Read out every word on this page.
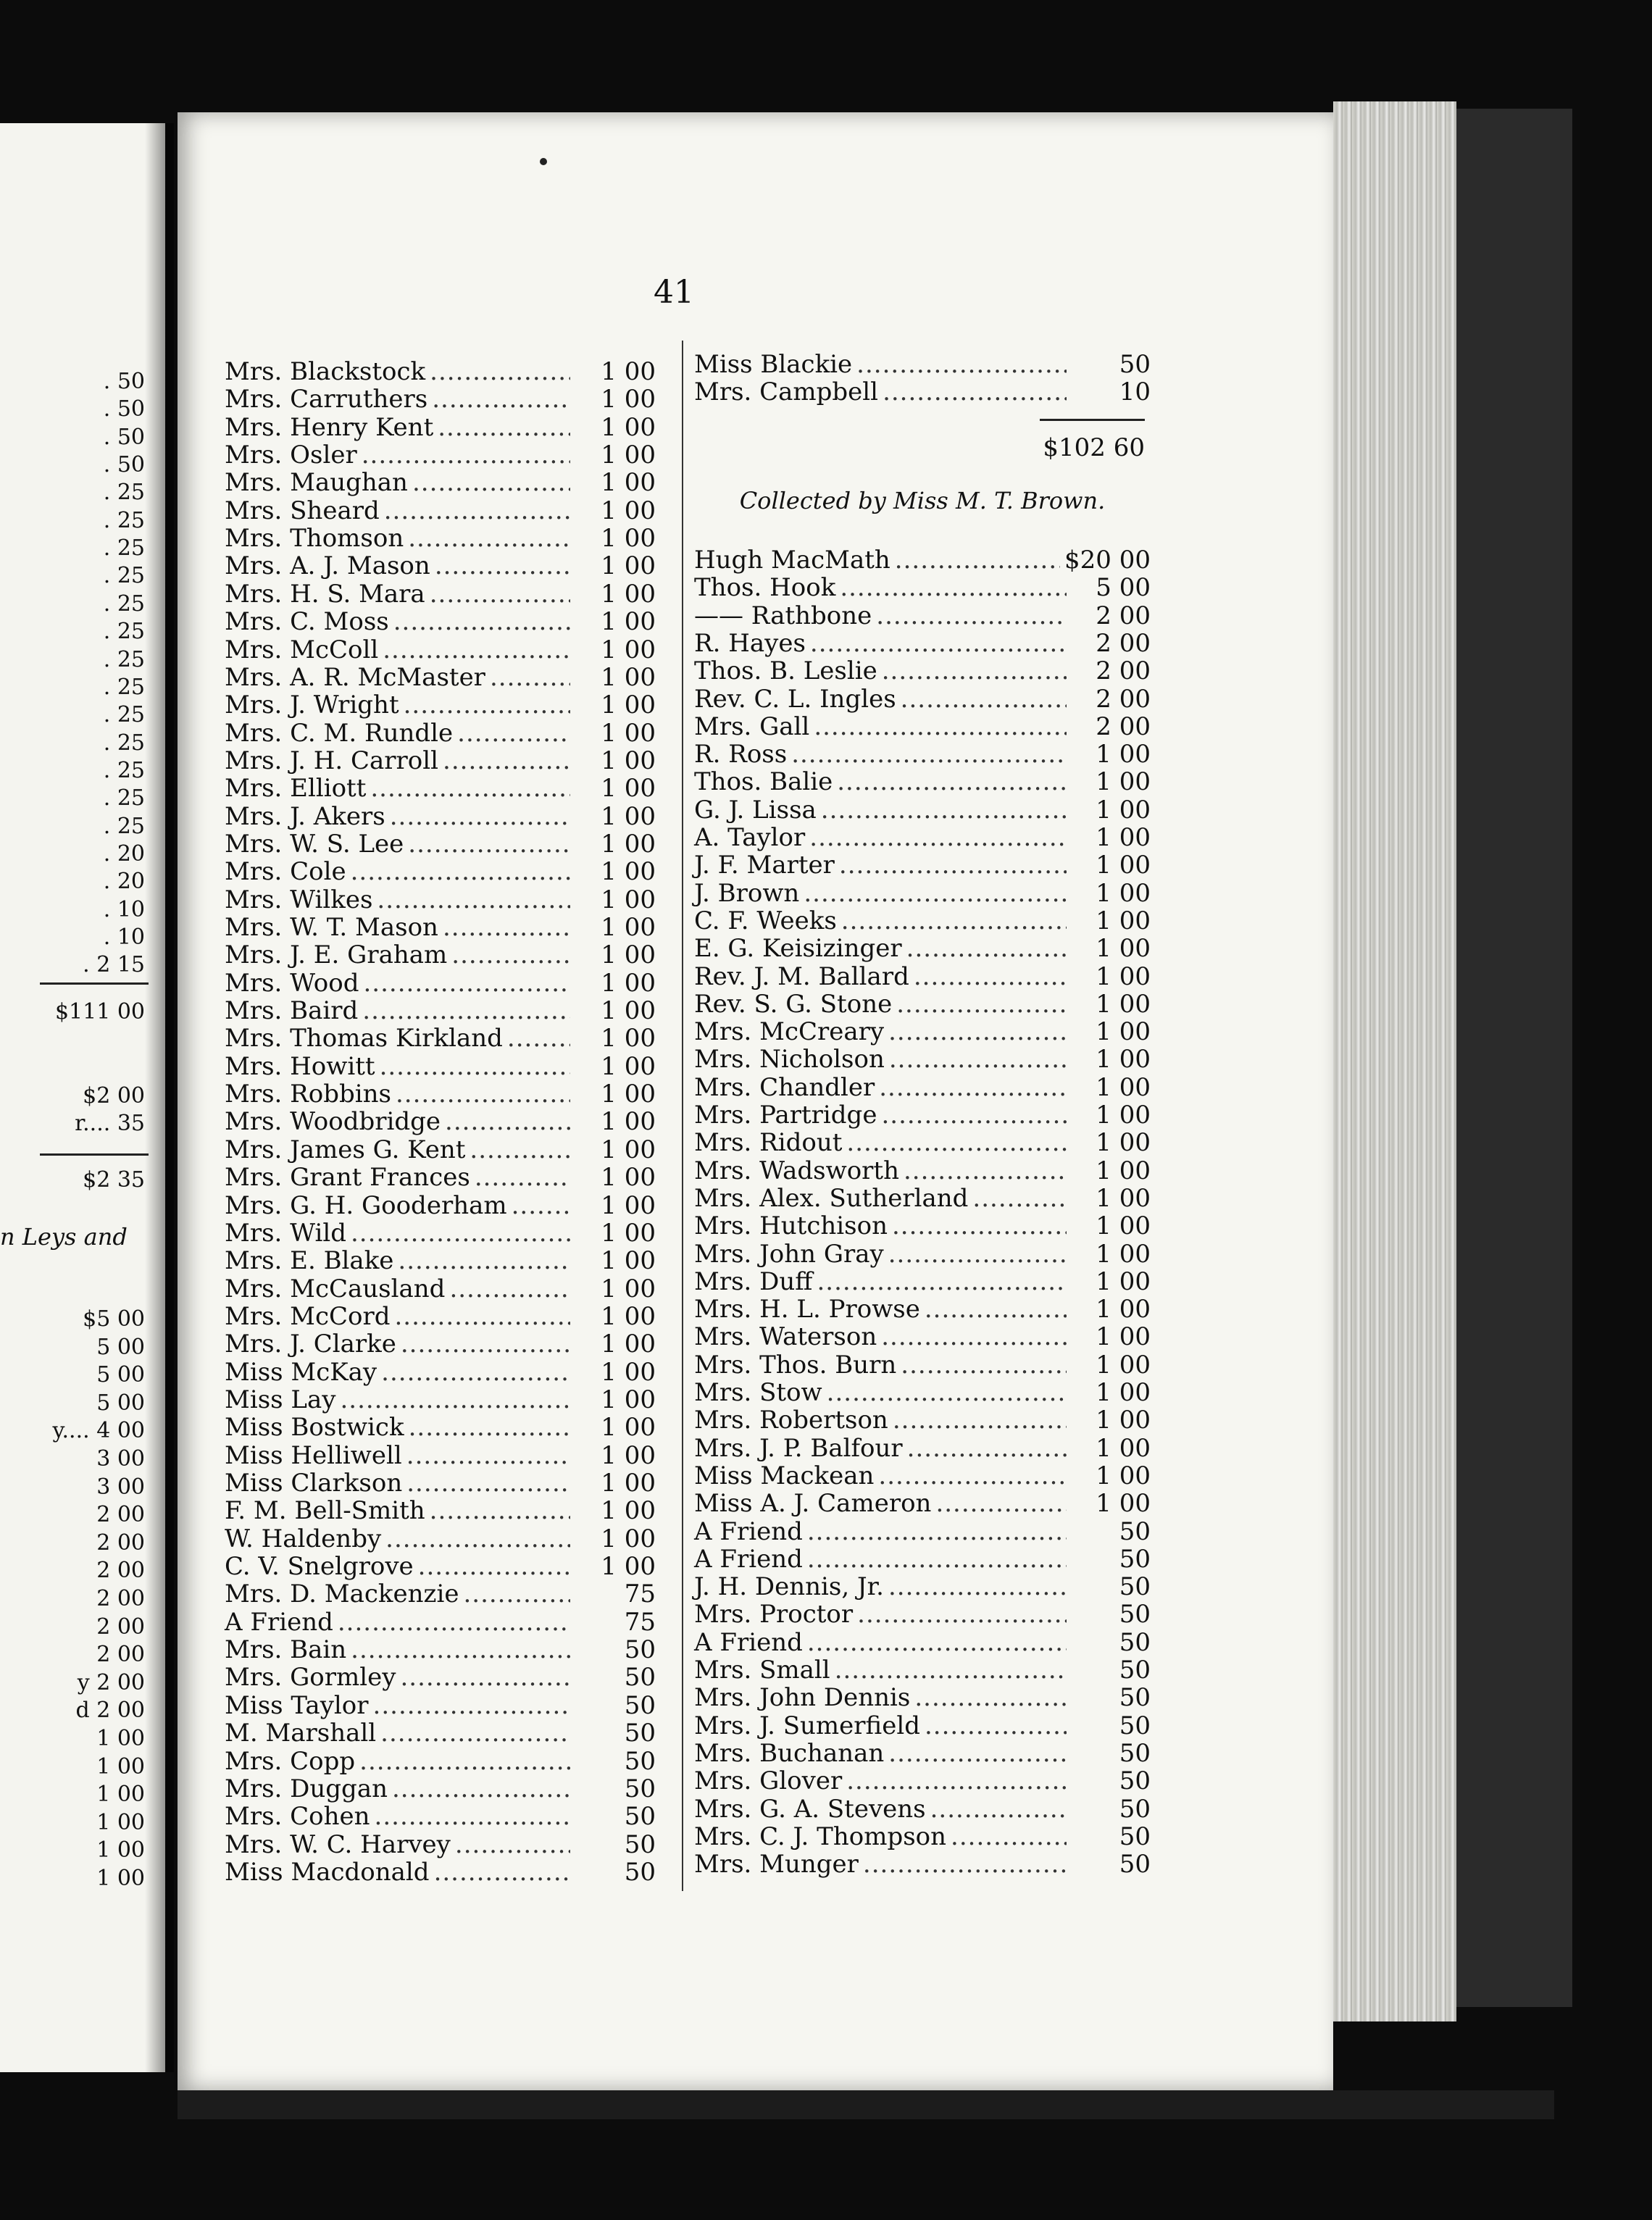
41
Mrs. Blackstock .....	1 00
Mrs. Carruthers .....	1 00
Mrs. Henry Kent .....	1 00
Mrs. Osler .....	1 00
Mrs. Maughan .....	1 00
Mrs. Sheard .....	1 00
Mrs. Thomson .....	1 00
Mrs. A. J. Mason .....	1 00
Mrs. H. S. Mara .....	1 00
Mrs. C. Moss .....	1 00
Mrs. McColl .....	1 00
Mrs. A. R. McMaster .....	1 00
Mrs. J. Wright .....	1 00
Mrs. C. M. Rundle .....	1 00
Mrs. J. H. Carroll .....	1 00
Mrs. Elliott .....	1 00
Mrs. J. Akers .....	1 00
Mrs. W. S. Lee .....	1 00
Mrs. Cole .....	1 00
Mrs. Wilkes .....	1 00
Mrs. W. T. Mason .....	1 00
Mrs. J. E. Graham .....	1 00
Mrs. Wood .....	1 00
Mrs. Baird .....	1 00
Mrs. Thomas Kirkland .....	1 00
Mrs. Howitt .....	1 00
Mrs. Robbins .....	1 00
Mrs. Woodbridge .....	1 00
Mrs. James G. Kent .....	1 00
Mrs. Grant Frances .....	1 00
Mrs. G. H. Gooderham .....	1 00
Mrs. Wild .....	1 00
Mrs. E. Blake .....	1 00
Mrs. McCausland .....	1 00
Mrs. McCord .....	1 00
Mrs. J. Clarke .....	1 00
Miss McKay .....	1 00
Miss Lay .....	1 00
Miss Bostwick .....	1 00
Miss Helliwell .....	1 00
Miss Clarkson .....	1 00
F. M. Bell-Smith .....	1 00
W. Haldenby .....	1 00
C. V. Snelgrove .....	1 00
Mrs. D. Mackenzie .....	75
A Friend .....	75
Mrs. Bain .....	50
Mrs. Gormley .....	50
Miss Taylor .....	50
M. Marshall .....	50
Mrs. Copp .....	50
Mrs. Duggan .....	50
Mrs. Cohen .....	50
Mrs. W. C. Harvey .....	50
Miss Macdonald .....	50
Miss Blackie .....	50
Mrs. Campbell .....	10
$102 60
Collected by Miss M. T. Brown.
Hugh MacMath .....	$20 00
Thos. Hook .....	5 00
—— Rathbone .....	2 00
R. Hayes .....	2 00
Thos. B. Leslie .....	2 00
Rev. C. L. Ingles .....	2 00
Mrs. Gall .....	2 00
R. Ross .....	1 00
Thos. Balie .....	1 00
G. J. Lissa .....	1 00
A. Taylor .....	1 00
J. F. Marter .....	1 00
J. Brown .....	1 00
C. F. Weeks .....	1 00
E. G. Keisizinger .....	1 00
Rev. J. M. Ballard .....	1 00
Rev. S. G. Stone .....	1 00
Mrs. McCreary .....	1 00
Mrs. Nicholson .....	1 00
Mrs. Chandler .....	1 00
Mrs. Partridge .....	1 00
Mrs. Ridout .....	1 00
Mrs. Wadsworth .....	1 00
Mrs. Alex. Sutherland .....	1 00
Mrs. Hutchison .....	1 00
Mrs. John Gray .....	1 00
Mrs. Duff .....	1 00
Mrs. H. L. Prowse .....	1 00
Mrs. Waterson .....	1 00
Mrs. Thos. Burn .....	1 00
Mrs. Stow .....	1 00
Mrs. Robertson .....	1 00
Mrs. J. P. Balfour .....	1 00
Miss Mackean .....	1 00
Miss A. J. Cameron .....	1 00
A Friend .....	50
A Friend .....	50
J. H. Dennis, Jr. .....	50
Mrs. Proctor .....	50
A Friend .....	50
Mrs. Small .....	50
Mrs. John Dennis .....	50
Mrs. J. Sumerfield .....	50
Mrs. Buchanan .....	50
Mrs. Glover .....	50
Mrs. G. A. Stevens .....	50
Mrs. C. J. Thompson .....	50
Mrs. Munger .....	50
. 50
. 50
. 50
. 50
. 25
. 25
. 25
. 25
. 25
. 25
. 25
. 25
. 25
. 25
. 25
. 25
. 25
. 20
. 20
. 10
. 10
. 2 15
$111 00
$2 00
r.... 35
$2 35
n Leys and
$5 00
5 00
5 00
5 00
y.... 4 00
3 00
3 00
2 00
2 00
2 00
2 00
2 00
2 00
y 2 00
d 2 00
1 00
1 00
1 00
1 00
1 00
1 00
